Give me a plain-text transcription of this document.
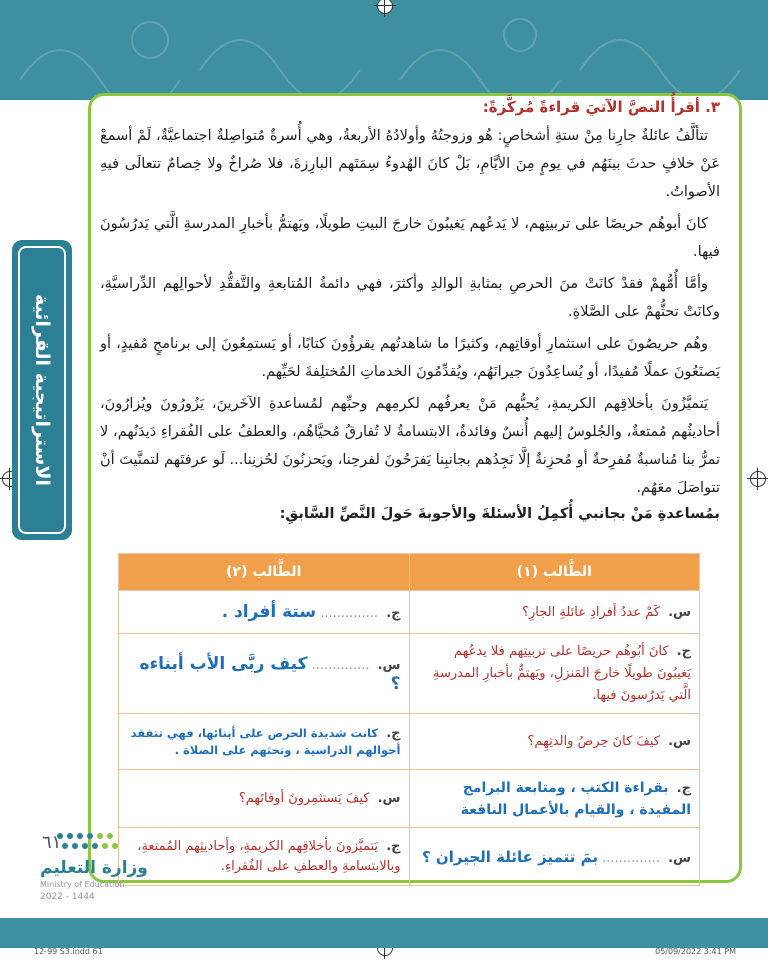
الاستراتيجية القرائية

٣. أقرأُ النصَّ الآتيَ قراءةً مُركَّزةً:

تتألَّفُ عائلةُ جارِنا مِنْ ستةِ أشخاصٍ: هُو وزوجتُهُ وأولادُهُ الأربعةُ، وهي أُسرةٌ مُتواصِلةٌ اجتماعيَّةٌ، لَمْ أسمعْ عَنْ خلافٍ حدثَ بينَهُم في يومٍ مِنَ الأيَّامِ، بَلْ كانَ الهُدوءُ سِمَتَهم البارِزةَ، فلا صُراخٌ ولا خِصامٌ تتعالَى فيهِ الأصواتُ.

كانَ أبوهُم حريصًا على تربيتِهم، لا يَدعُهم يَغيبُونَ خارجَ البيتِ طويلًا، ويَهتمُّ بأخبارِ المدرسةِ الَّتي يَدرُسُونَ فيها.

وأمَّا أُمُّهمْ فقدْ كانَتْ منَ الحرصِ بمثابةِ الوالدِ وأكثرَ، فهي دائمةُ المُتابعةِ والتَّفقُّدِ لأحوالِهم الدِّراسيَّةِ، وكانَتْ تحثُّهمْ على الصَّلاةِ.

وهُم حريصُونَ على استثمارِ أوقاتِهم، وكثيرًا ما شاهدتُهم يقرؤُونَ كتابًا، أو يَستمِعُونَ إلى برنامجٍ مُفيدٍ، أو يَصنَعُونَ عملًا مُفيدًا، أو يُساعِدُونَ جيرانَهُم، ويُقدِّمُونَ الخدماتِ المُختلِفةَ لحَيِّهم.

يَتميَّزُونَ بأخلاقِهم الكريمةِ، يُحبُّهم مَنْ يعرفُهم لكرمِهم وحبِّهم لمُساعدةِ الآخَرينَ، يَزُورُونَ ويُزارُونَ، أحاديثُهم مُمتعةٌ، والجُلوسُ إليهم أُنسٌ وفائدةٌ، الابتسامةُ لا تُفارقُ مُحيَّاهُم، والعطفُ على الفُقراءِ دَيدَنُهم، لا تمرُّ بنا مُناسبةٌ مُفرِحةٌ أو مُحزِنةٌ إلَّا نَجِدُهم بجانبِنا يَفرَحُونَ لفرحِنا، ويَحزنُونَ لحُزنِنا... لَو عرفتَهم لتمنَّيتَ أنْ تتواصَلَ معَهُم.

بمُساعدةِ مَنْ بجانبي أُكمِلُ الأسئلةَ والأجوبةَ حَولَ النَّصِّ السَّابقِ:

الطَّالب (١)	الطَّالب (٢)
س. كَمْ عددُ أفرادِ عائلةِ الجارِ؟	ج. .............. ستة أفراد .
ج. كانَ أبُوهُم حريصًا على تربيتِهم فلا يدعُهم يَغيبُونَ طويلًا خارجَ المَنزلِ، ويَهتمُّ بأخبارِ المدرسةِ الَّتي يَدرُسونَ فيها.	س. .............. كيف ربَّى الأب أبناءه ؟
س. كيفَ كانَ حِرصُ والدتِهِم؟	ج. كانت شديدة الحرص على أبنائها، فهي تتفقد أحوالهم الدراسية ، وتحثهم على الصلاة .
ج. بقراءة الكتب ، ومتابعة البرامج المفيدة ، والقيام بالأعمال النافعة	س. كيفَ يَستثمِرونَ أوقاتَهم؟
س. .............. بمَ تتميز عائلة الجيران ؟	ج. يَتميَّزونَ بأخلاقِهم الكريمةِ، وأحاديثِهم المُمتعةِ، وبالابتسامةِ والعطفِ على الفُقراءِ.
وزارة التعليم
Ministry of Education
2022 - 1444
12-99 S3.indd 61	05/09/2022 3:41 PM
٦١
